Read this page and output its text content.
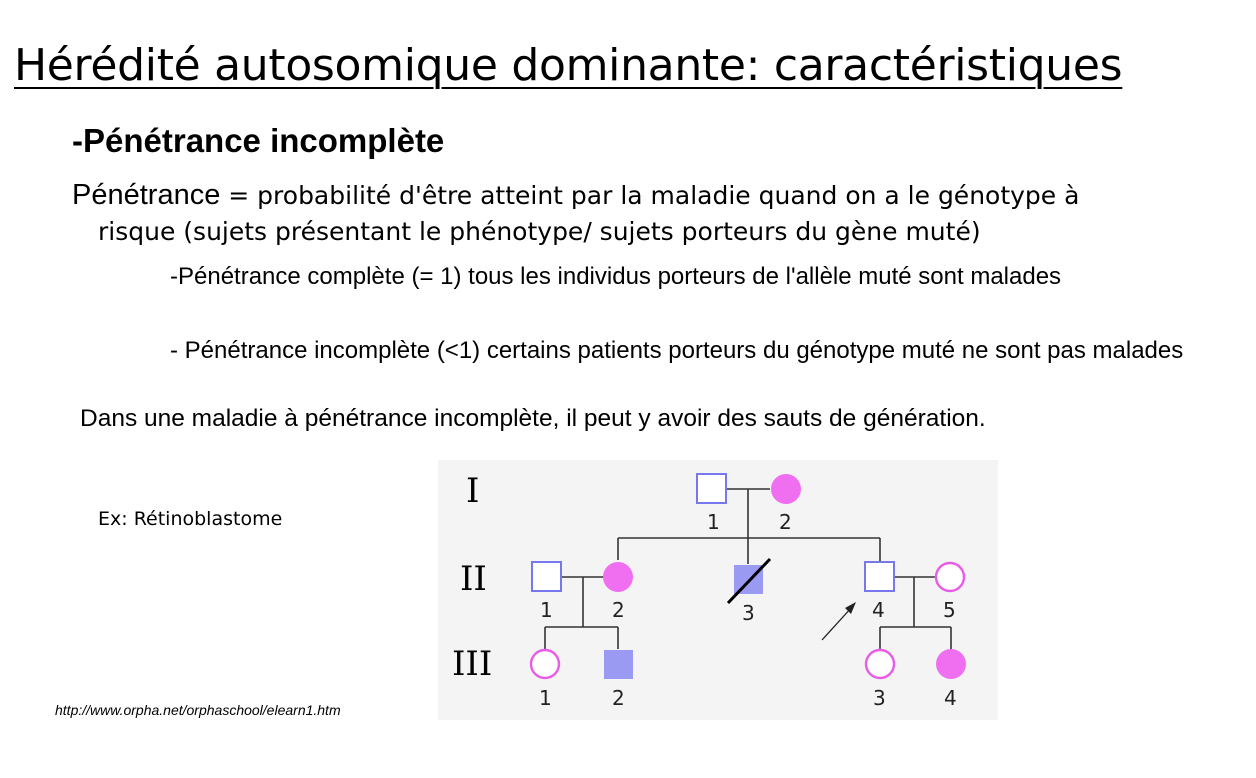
Hérédité autosomique dominante: caractéristiques
-Pénétrance incomplète
Pénétrance = probabilité d'être atteint par la maladie quand on a le génotype à
risque (sujets présentant le phénotype/ sujets porteurs du gène muté)

-Pénétrance complète (= 1) tous les individus porteurs de l'allèle muté sont malades

- Pénétrance incomplète (<1) certains patients porteurs du génotype muté ne sont pas malades

Dans une maladie à pénétrance incomplète, il peut y avoir des sauts de génération.

Ex: Rétinoblastome

http://www.orpha.net/orphaschool/elearn1.htm

I
II
III
1	2
1	2	3	4	5
1	2	3	4
